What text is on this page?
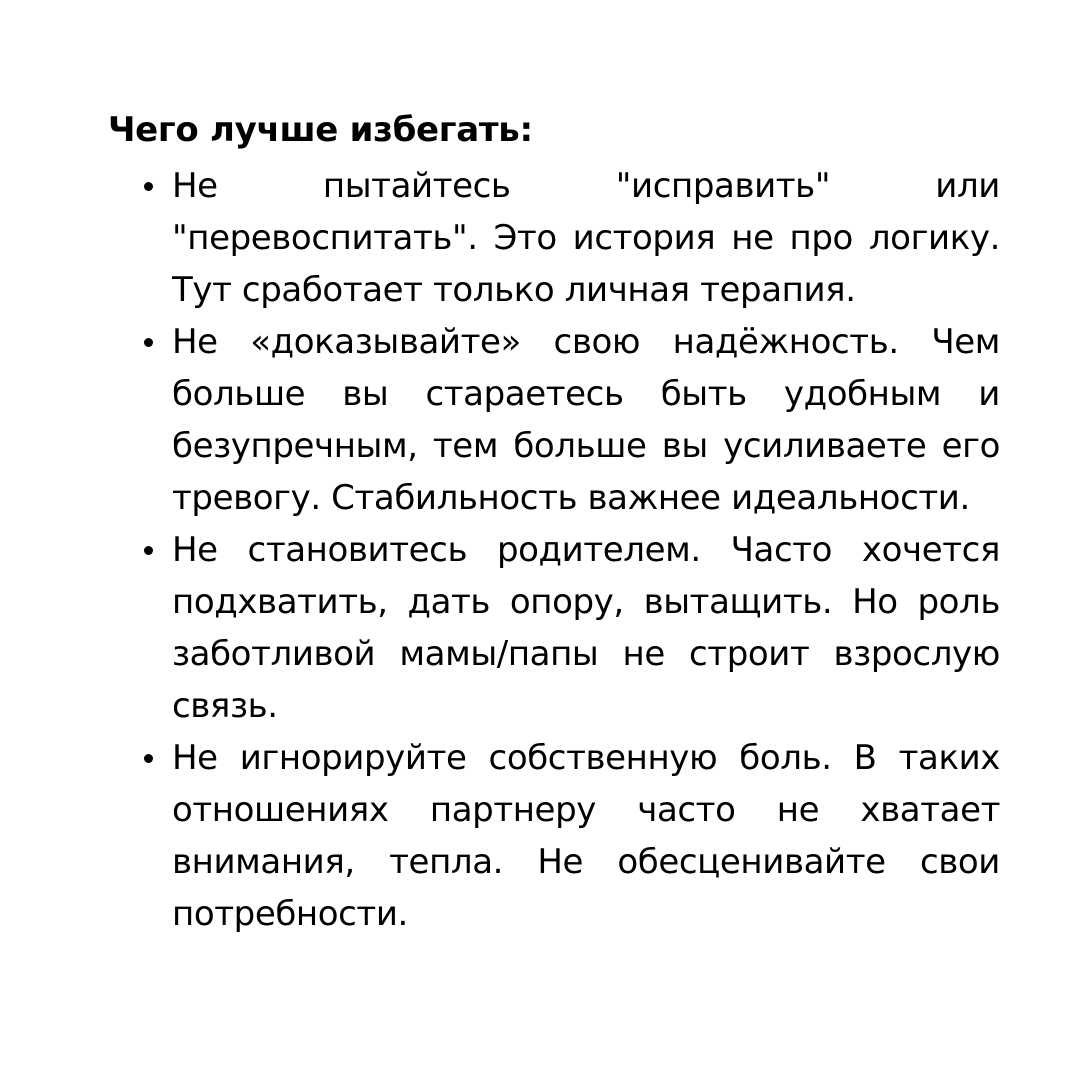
Чего лучше избегать:
Не пытайтесь "исправить" или "перевоспитать". Это история не про логику. Тут сработает только личная терапия.
Не «доказывайте» свою надёжность. Чем больше вы стараетесь быть удобным и безупречным, тем больше вы усиливаете его тревогу. Стабильность важнее идеальности.
Не становитесь родителем. Часто хочется подхватить, дать опору, вытащить. Но роль заботливой мамы/папы не строит взрослую связь.
Не игнорируйте собственную боль. В таких отношениях партнеру часто не хватает внимания, тепла. Не обесценивайте свои потребности.
